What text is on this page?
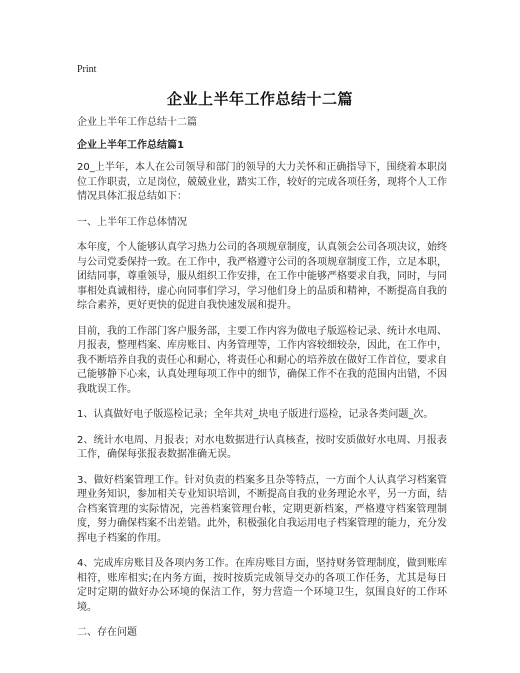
Print
企业上半年工作总结十二篇

企业上半年工作总结十二篇

企业上半年工作总结篇1

20_上半年，本人在公司领导和部门的领导的大力关怀和正确指导下，围绕着本职岗位工作职责，立足岗位，兢兢业业，踏实工作，较好的完成各项任务，现将个人工作情况具体汇报总结如下：

一、上半年工作总体情况

本年度，个人能够认真学习热力公司的各项规章制度，认真领会公司各项决议，始终与公司党委保持一致。在工作中，我严格遵守公司的各项规章制度工作，立足本职，团结同事，尊重领导，服从组织工作安排，在工作中能够严格要求自我，同时，与同事相处真诚相待，虚心向同事们学习，学习他们身上的品质和精神，不断提高自我的综合素养，更好更快的促进自我快速发展和提升。

目前，我的工作部门客户服务部，主要工作内容为做电子版巡检记录、统计水电周、月报表，整理档案、库房账目、内务管理等，工作内容较细较杂，因此，在工作中，我不断培养自我的责任心和耐心，将责任心和耐心的培养放在做好工作首位，要求自己能够静下心来，认真处理每项工作中的细节，确保工作不在我的范围内出错，不因我耽误工作。

1、认真做好电子版巡检记录；全年共对_块电子版进行巡检，记录各类问题_次。

2、统计水电周、月报表；对水电数据进行认真核查，按时安质做好水电周、月报表工作，确保每张报表数据准确无误。

3、做好档案管理工作。针对负责的档案多且杂等特点，一方面个人认真学习档案管理业务知识，参加相关专业知识培训，不断提高自我的业务理论水平，另一方面，结合档案管理的实际情况，完善档案管理台帐，定期更新档案，严格遵守档案管理制度，努力确保档案不出差错。此外，积极强化自我运用电子档案管理的能力，充分发挥电子档案的作用。

4、完成库房账目及各项内务工作。在库房账目方面，坚持财务管理制度，做到账库相符，账库相实;在内务方面，按时按质完成领导交办的各项工作任务，尤其是每日定时定期的做好办公环境的保洁工作，努力营造一个环境卫生，氛围良好的工作环境。

二、存在问题
